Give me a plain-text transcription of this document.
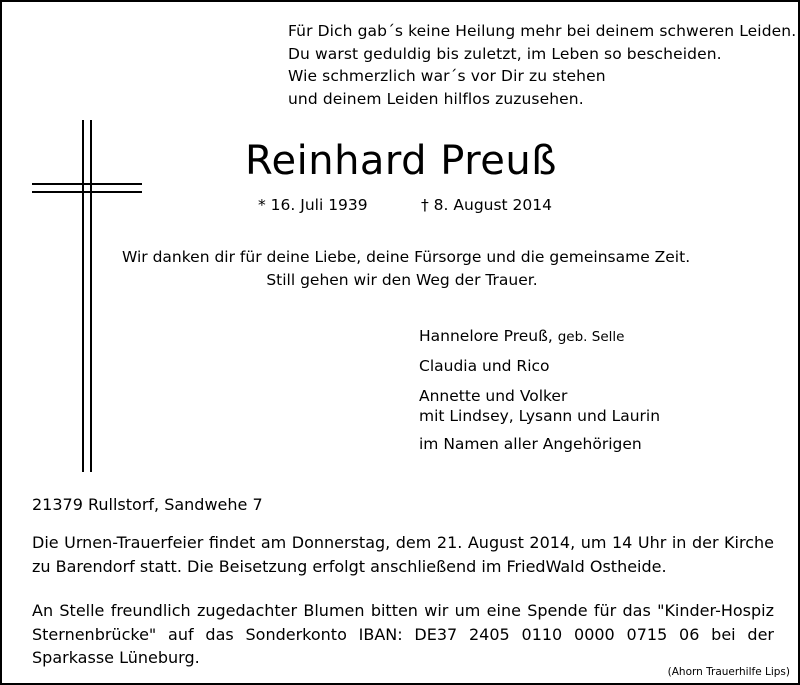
Für Dich gab´s keine Heilung mehr bei deinem schweren Leiden.
Du warst geduldig bis zuletzt, im Leben so bescheiden.
Wie schmerzlich war´s vor Dir zu stehen
und deinem Leiden hilflos zuzusehen.
Reinhard Preuß
* 16. Juli 1939	† 8. August 2014
Wir danken dir für deine Liebe, deine Fürsorge und die gemeinsame Zeit.
Still gehen wir den Weg der Trauer.
Hannelore Preuß, geb. Selle
Claudia und Rico
Annette und Volker
mit Lindsey, Lysann und Laurin
im Namen aller Angehörigen
21379 Rullstorf, Sandwehe 7
Die Urnen-Trauerfeier findet am Donnerstag, dem 21. August 2014, um 14 Uhr in der Kirche zu Barendorf statt. Die Beisetzung erfolgt anschließend im FriedWald Ostheide.
An Stelle freundlich zugedachter Blumen bitten wir um eine Spende für das "Kinder-Hospiz Sternenbrücke" auf das Sonderkonto IBAN: DE37 2405 0110 0000 0715 06 bei der Sparkasse Lüneburg.
(Ahorn Trauerhilfe Lips)
